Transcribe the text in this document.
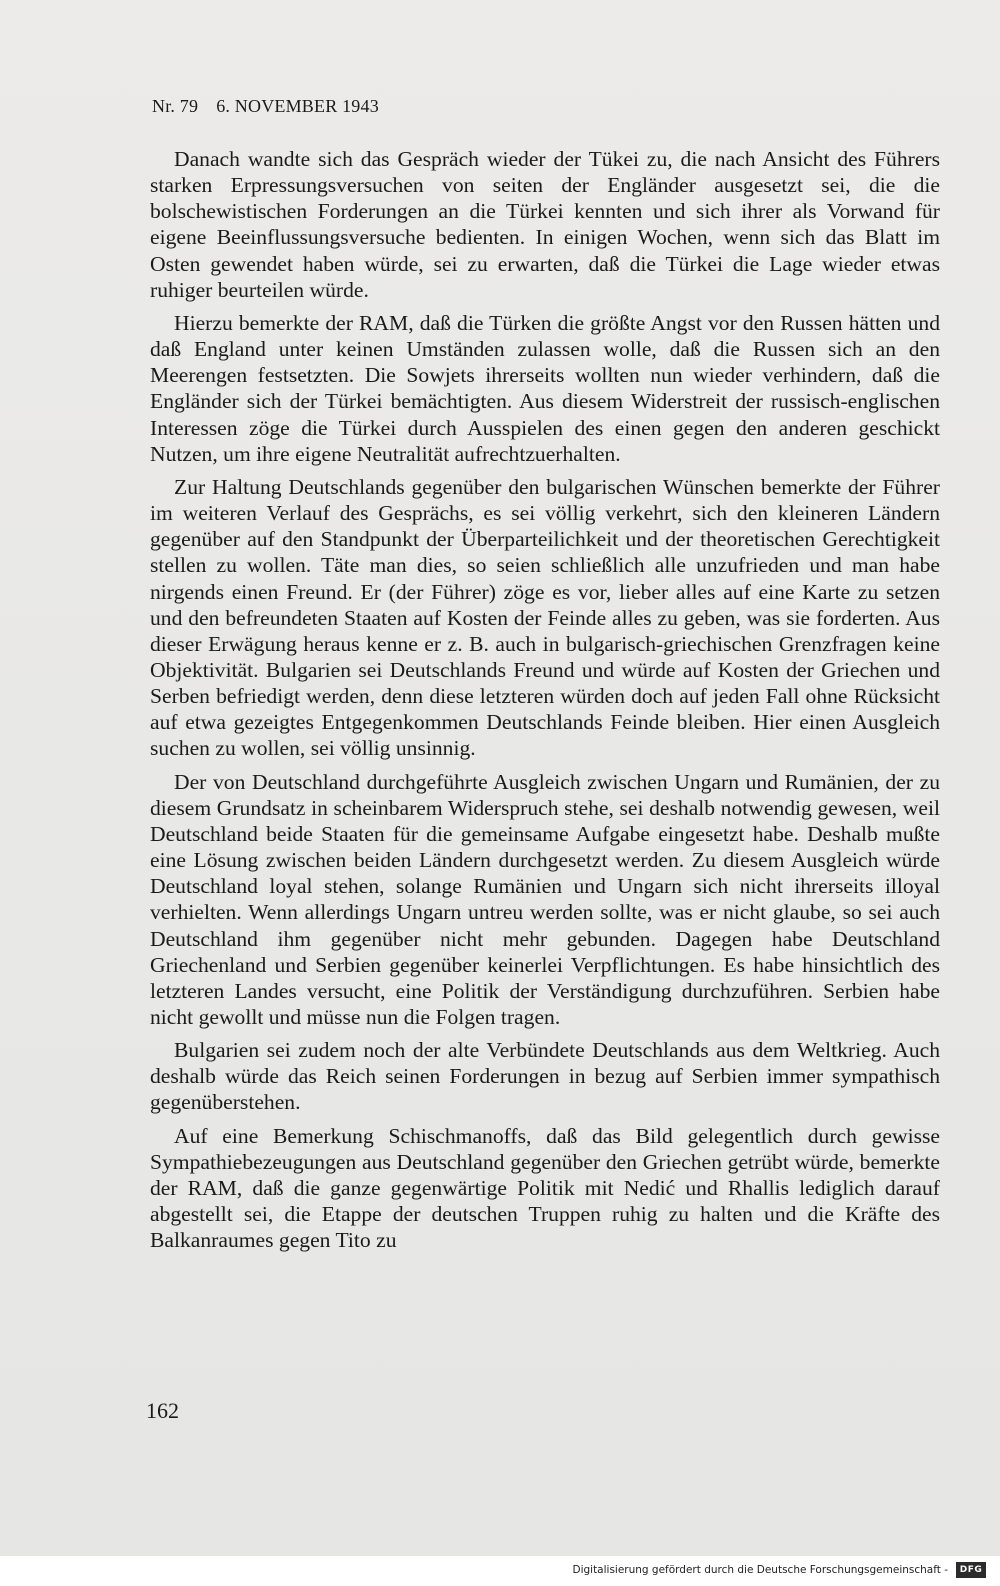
Nr. 79 6. NOVEMBER 1943

Danach wandte sich das Gespräch wieder der Tükei zu, die nach Ansicht des Führers starken Erpressungsversuchen von seiten der Engländer ausgesetzt sei, die die bolschewistischen Forderungen an die Türkei kennten und sich ihrer als Vorwand für eigene Beeinflussungsversuche bedienten. In einigen Wochen, wenn sich das Blatt im Osten gewendet haben würde, sei zu erwarten, daß die Türkei die Lage wieder etwas ruhiger beurteilen würde.

Hierzu bemerkte der RAM, daß die Türken die größte Angst vor den Russen hätten und daß England unter keinen Umständen zulassen wolle, daß die Russen sich an den Meerengen festsetzten. Die Sowjets ihrerseits wollten nun wieder verhindern, daß die Engländer sich der Türkei bemächtigten. Aus diesem Widerstreit der russisch-englischen Interessen zöge die Türkei durch Ausspielen des einen gegen den anderen geschickt Nutzen, um ihre eigene Neutralität aufrechtzuerhalten.

Zur Haltung Deutschlands gegenüber den bulgarischen Wünschen bemerkte der Führer im weiteren Verlauf des Gesprächs, es sei völlig verkehrt, sich den kleineren Ländern gegenüber auf den Standpunkt der Überparteilichkeit und der theoretischen Gerechtigkeit stellen zu wollen. Täte man dies, so seien schließlich alle unzufrieden und man habe nirgends einen Freund. Er (der Führer) zöge es vor, lieber alles auf eine Karte zu setzen und den befreundeten Staaten auf Kosten der Feinde alles zu geben, was sie forderten. Aus dieser Erwägung heraus kenne er z. B. auch in bulgarisch-griechischen Grenzfragen keine Objektivität. Bulgarien sei Deutschlands Freund und würde auf Kosten der Griechen und Serben befriedigt werden, denn diese letzteren würden doch auf jeden Fall ohne Rücksicht auf etwa gezeigtes Entgegenkommen Deutschlands Feinde bleiben. Hier einen Ausgleich suchen zu wollen, sei völlig unsinnig.

Der von Deutschland durchgeführte Ausgleich zwischen Ungarn und Rumänien, der zu diesem Grundsatz in scheinbarem Widerspruch stehe, sei deshalb notwendig gewesen, weil Deutschland beide Staaten für die gemeinsame Aufgabe eingesetzt habe. Deshalb mußte eine Lösung zwischen beiden Ländern durchgesetzt werden. Zu diesem Ausgleich würde Deutschland loyal stehen, solange Rumänien und Ungarn sich nicht ihrerseits illoyal verhielten. Wenn allerdings Ungarn untreu werden sollte, was er nicht glaube, so sei auch Deutschland ihm gegenüber nicht mehr gebunden. Dagegen habe Deutschland Griechenland und Serbien gegenüber keinerlei Verpflichtungen. Es habe hinsichtlich des letzteren Landes versucht, eine Politik der Verständigung durchzuführen. Serbien habe nicht gewollt und müsse nun die Folgen tragen.

Bulgarien sei zudem noch der alte Verbündete Deutschlands aus dem Weltkrieg. Auch deshalb würde das Reich seinen Forderungen in bezug auf Serbien immer sympathisch gegenüberstehen.

Auf eine Bemerkung Schischmanoffs, daß das Bild gelegentlich durch gewisse Sympathiebezeugungen aus Deutschland gegenüber den Griechen getrübt würde, bemerkte der RAM, daß die ganze gegenwärtige Politik mit Nedić und Rhallis lediglich darauf abgestellt sei, die Etappe der deutschen Truppen ruhig zu halten und die Kräfte des Balkanraumes gegen Tito zu

162
Digitalisierung gefördert durch die Deutsche Forschungsgemeinschaft -	DFG
